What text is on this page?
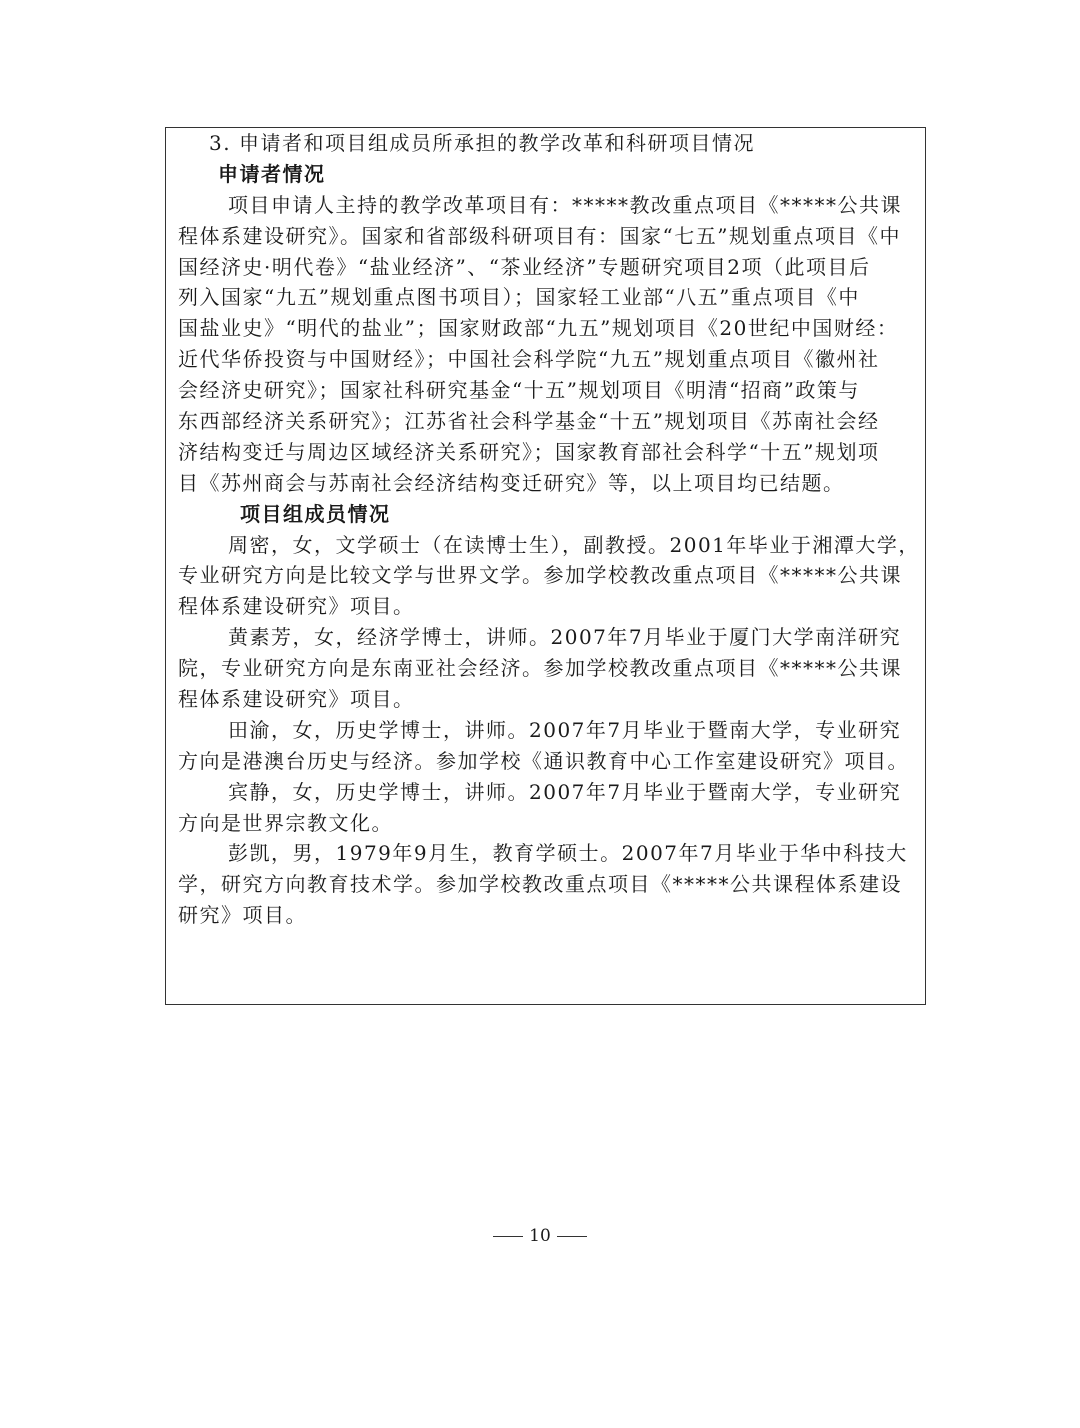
3. 申请者和项目组成员所承担的教学改革和科研项目情况
申请者情况
项目申请人主持的教学改革项目有：*****教改重点项目《*****公共课
程体系建设研究》。国家和省部级科研项目有：国家“七五”规划重点项目《中
国经济史·明代卷》“盐业经济”、“茶业经济”专题研究项目2项（此项目后
列入国家“九五”规划重点图书项目）；国家轻工业部“八五”重点项目《中
国盐业史》“明代的盐业”；国家财政部“九五”规划项目《20世纪中国财经：
近代华侨投资与中国财经》；中国社会科学院“九五”规划重点项目《徽州社
会经济史研究》；国家社科研究基金“十五”规划项目《明清“招商”政策与
东西部经济关系研究》；江苏省社会科学基金“十五”规划项目《苏南社会经
济结构变迁与周边区域经济关系研究》；国家教育部社会科学“十五”规划项
目《苏州商会与苏南社会经济结构变迁研究》等，以上项目均已结题。
项目组成员情况
周密，女，文学硕士（在读博士生），副教授。2001年毕业于湘潭大学，
专业研究方向是比较文学与世界文学。参加学校教改重点项目《*****公共课
程体系建设研究》项目。
黄素芳，女，经济学博士，讲师。2007年7月毕业于厦门大学南洋研究
院，专业研究方向是东南亚社会经济。参加学校教改重点项目《*****公共课
程体系建设研究》项目。
田渝，女，历史学博士，讲师。2007年7月毕业于暨南大学，专业研究
方向是港澳台历史与经济。参加学校《通识教育中心工作室建设研究》项目。
宾静，女，历史学博士，讲师。2007年7月毕业于暨南大学，专业研究
方向是世界宗教文化。
彭凯，男，1979年9月生，教育学硕士。2007年7月毕业于华中科技大
学，研究方向教育技术学。参加学校教改重点项目《*****公共课程体系建设
研究》项目。
10
